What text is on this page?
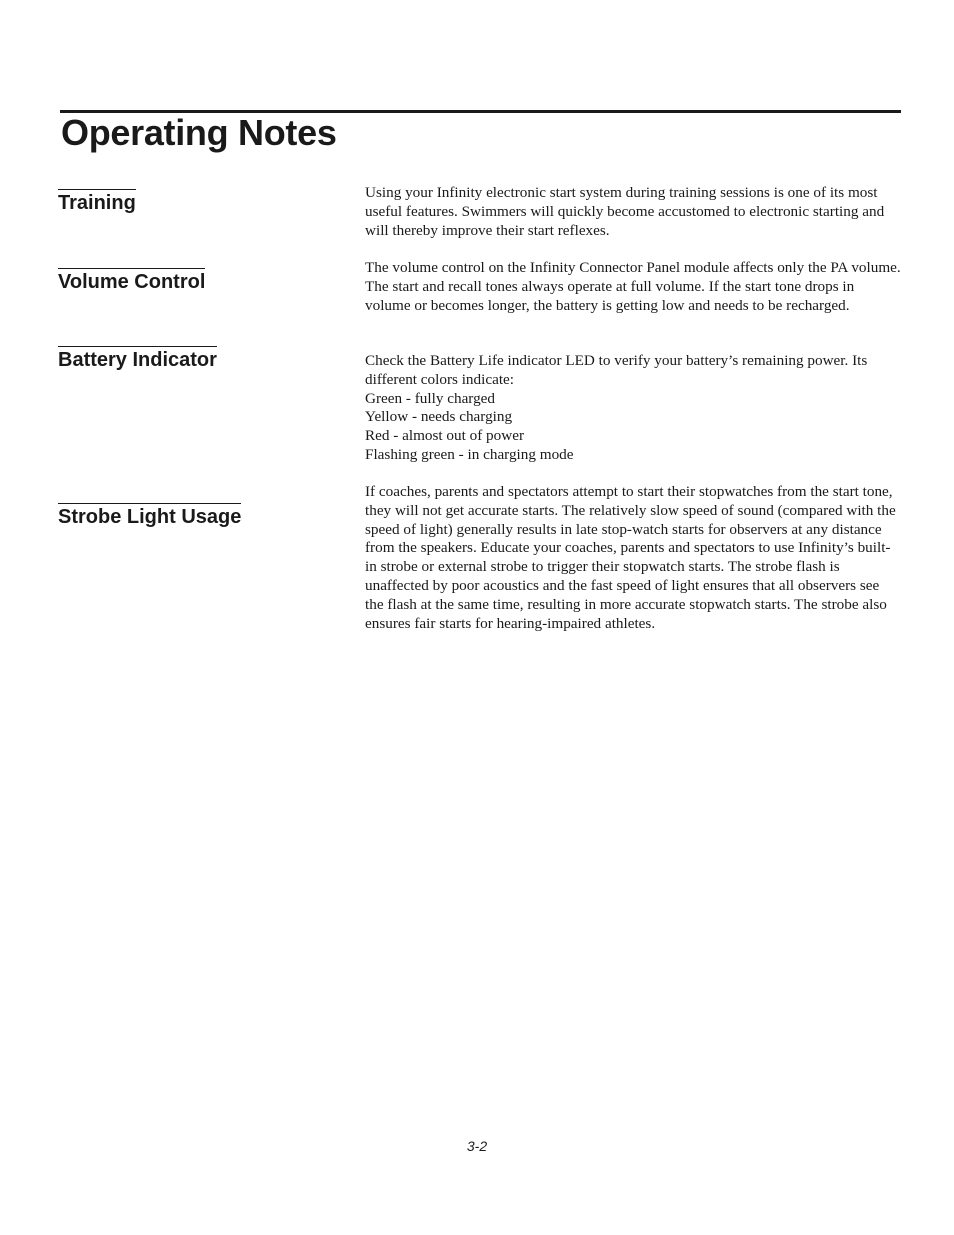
Operating Notes
Training	Using your Infinity electronic start system during training sessions is one of its most useful features. Swimmers will quickly become accustomed to electronic starting and will thereby improve their start reflexes.
Volume Control
The volume control on the Infinity Connector Panel module affects only the PA volume. The start and recall tones always operate at full volume. If the start tone drops in volume or becomes longer, the battery is getting low and needs to be recharged.
Battery Indicator	Check the Battery Life indicator LED to verify your battery’s remaining power. Its different colors indicate:
Green - fully charged
Yellow - needs charging
Red - almost out of power
Flashing green - in charging mode
Strobe Light Usage
If coaches, parents and spectators attempt to start their stopwatches from the start tone, they will not get accurate starts. The relatively slow speed of sound (compared with the speed of light) generally results in late stop-watch starts for observers at any distance from the speakers. Educate your coaches, parents and spectators to use Infinity’s built-in strobe or external strobe to trigger their stopwatch starts. The strobe flash is unaffected by poor acoustics and the fast speed of light ensures that all observers see the flash at the same time, resulting in more accurate stopwatch starts. The strobe also ensures fair starts for hearing-impaired athletes.
3-2
